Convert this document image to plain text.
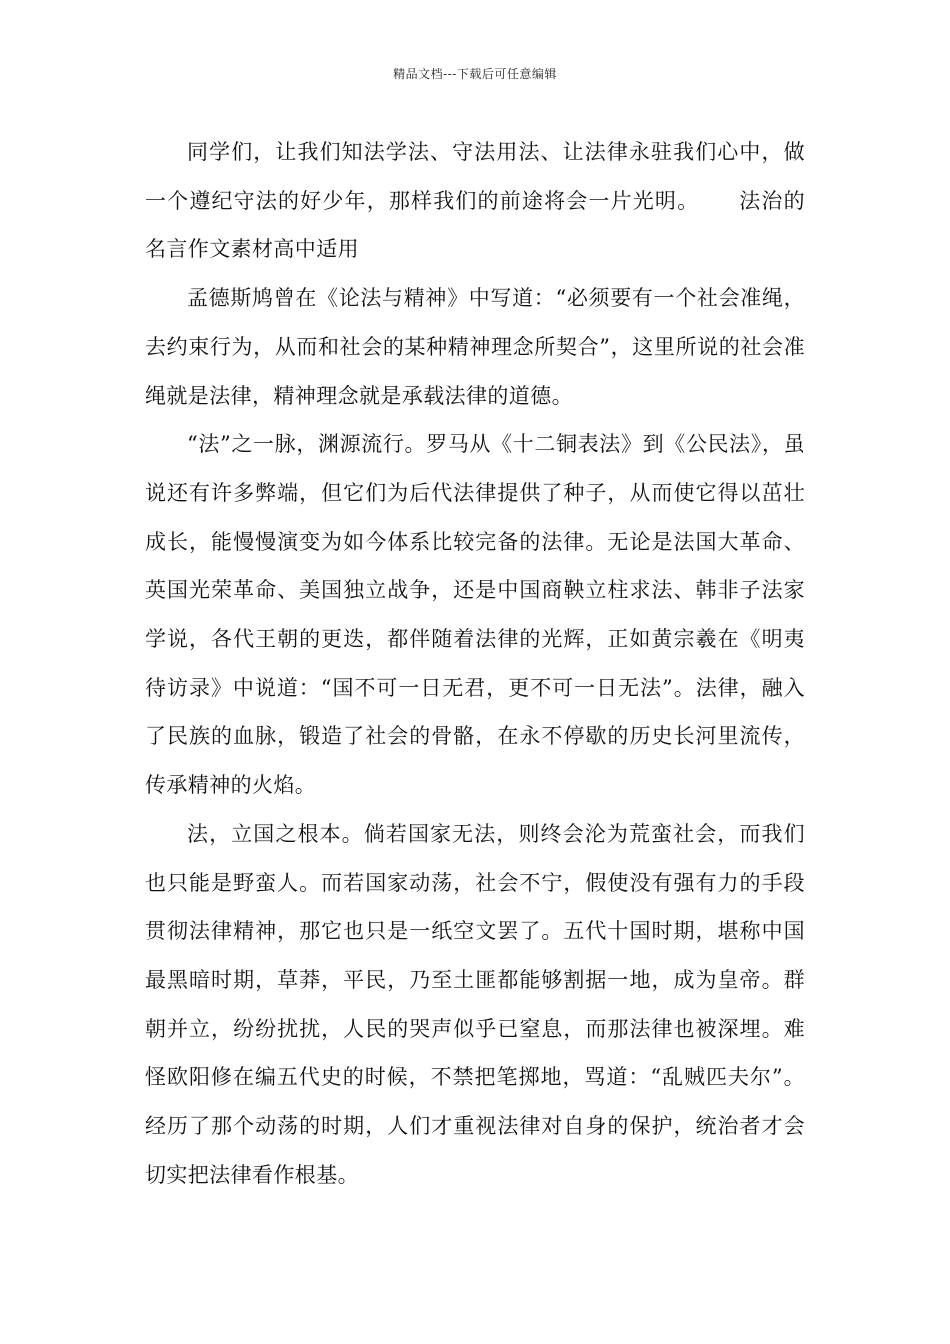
精品文档---下载后可任意编辑

同学们，让我们知法学法、守法用法、让法律永驻我们心中，做一个遵纪守法的好少年，那样我们的前途将会一片光明。 法治的名言作文素材高中适用

孟德斯鸠曾在《论法与精神》中写道：“必须要有一个社会准绳，去约束行为，从而和社会的某种精神理念所契合”，这里所说的社会准绳就是法律，精神理念就是承载法律的道德。

“法”之一脉，渊源流行。罗马从《十二铜表法》到《公民法》，虽说还有许多弊端，但它们为后代法律提供了种子，从而使它得以茁壮成长，能慢慢演变为如今体系比较完备的法律。无论是法国大革命、英国光荣革命、美国独立战争，还是中国商鞅立柱求法、韩非子法家学说，各代王朝的更迭，都伴随着法律的光辉，正如黄宗羲在《明夷待访录》中说道：“国不可一日无君，更不可一日无法”。法律，融入了民族的血脉，锻造了社会的骨骼，在永不停歇的历史长河里流传，传承精神的火焰。

法，立国之根本。倘若国家无法，则终会沦为荒蛮社会，而我们也只能是野蛮人。而若国家动荡，社会不宁，假使没有强有力的手段贯彻法律精神，那它也只是一纸空文罢了。五代十国时期，堪称中国最黑暗时期，草莽，平民，乃至土匪都能够割据一地，成为皇帝。群朝并立，纷纷扰扰，人民的哭声似乎已窒息，而那法律也被深埋。难怪欧阳修在编五代史的时候，不禁把笔掷地，骂道：“乱贼匹夫尔”。经历了那个动荡的时期，人们才重视法律对自身的保护，统治者才会切实把法律看作根基。
